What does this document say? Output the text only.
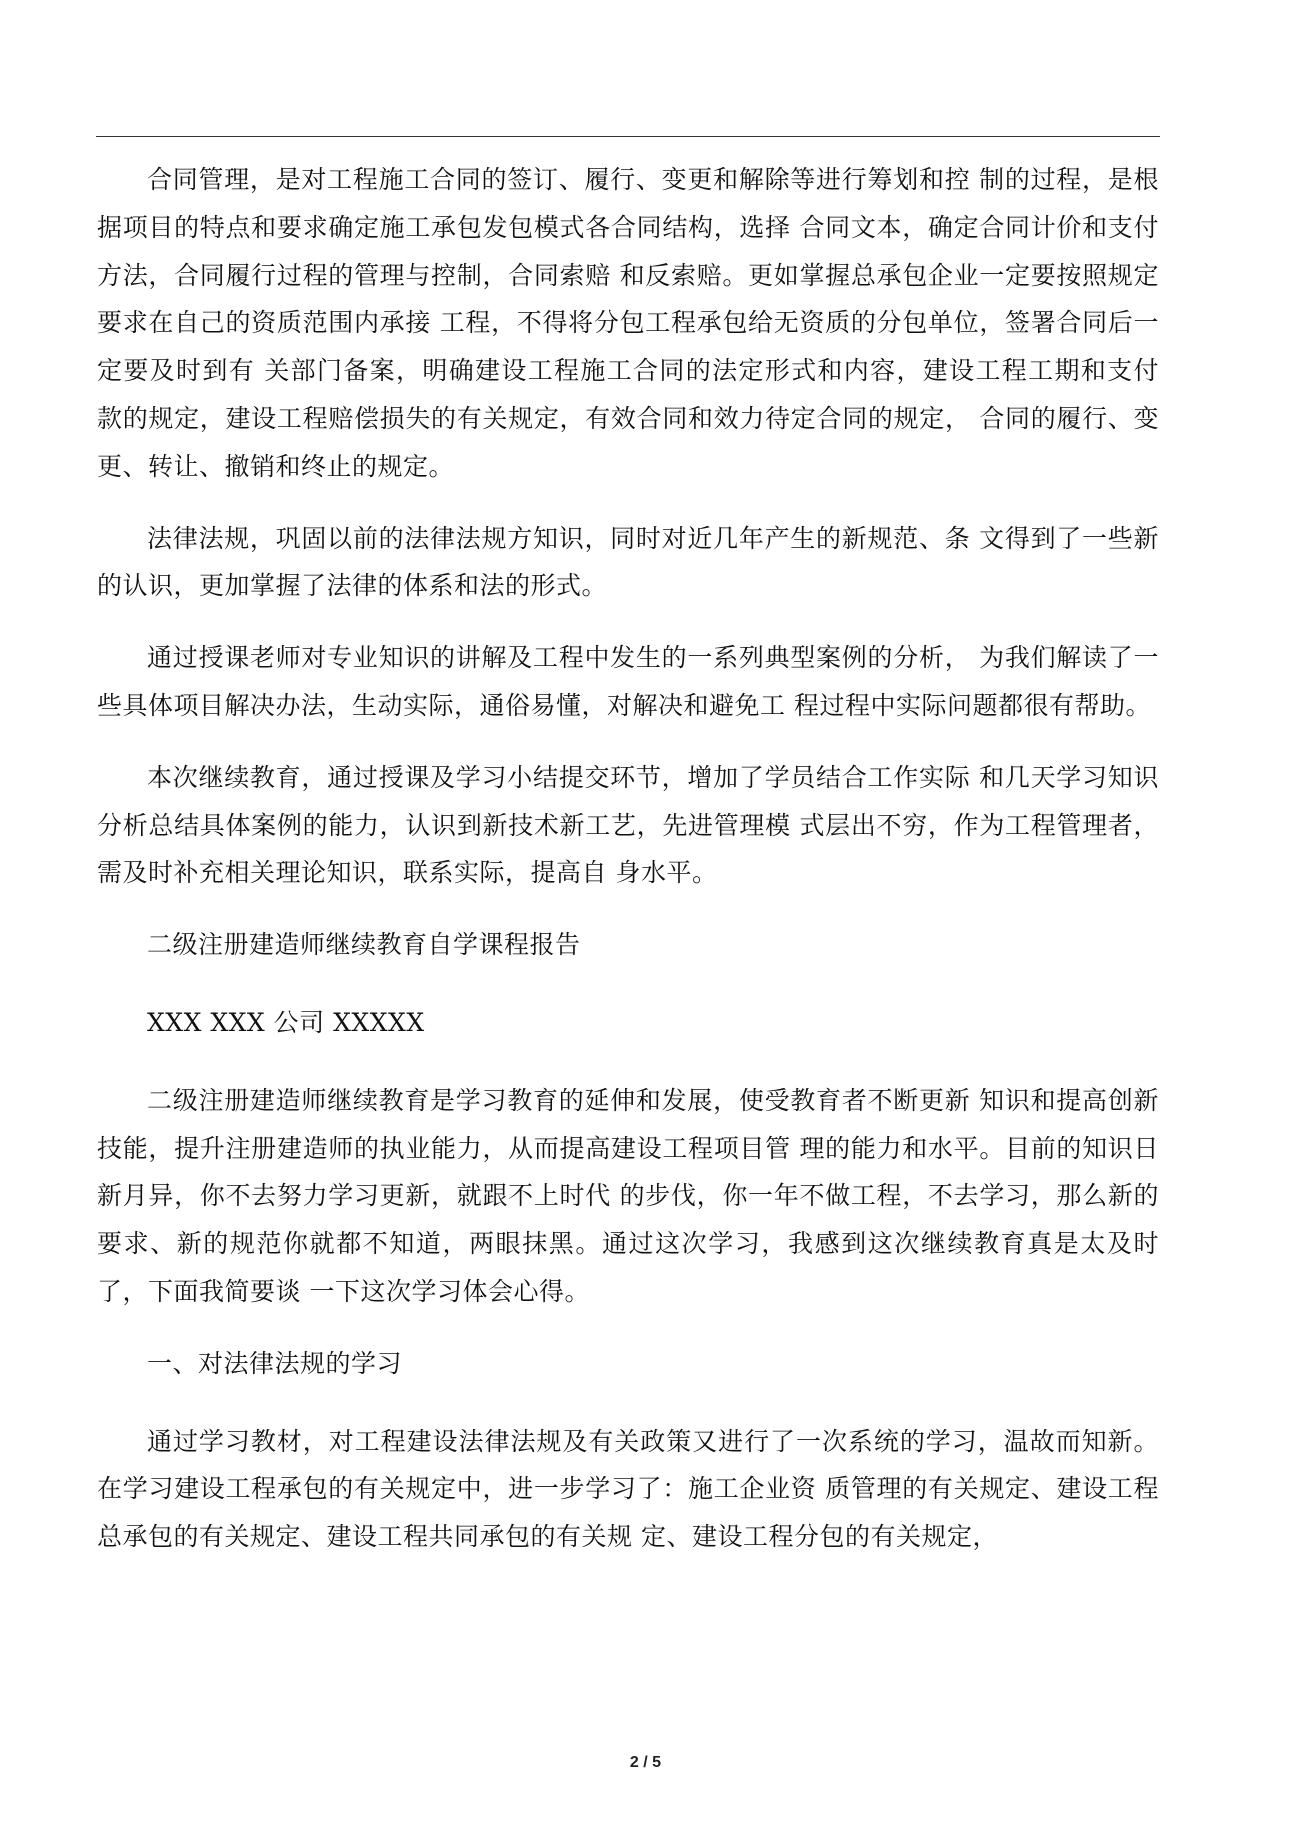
合同管理，是对工程施工合同的签订、履行、变更和解除等进行筹划和控 制的过程，是根据项目的特点和要求确定施工承包发包模式各合同结构，选择 合同文本，确定合同计价和支付方法，合同履行过程的管理与控制，合同索赔 和反索赔。更如掌握总承包企业一定要按照规定要求在自己的资质范围内承接 工程，不得将分包工程承包给无资质的分包单位，签署合同后一定要及时到有 关部门备案，明确建设工程施工合同的法定形式和内容，建设工程工期和支付 款的规定，建设工程赔偿损失的有关规定，有效合同和效力待定合同的规定， 合同的履行、变更、转让、撤销和终止的规定。

法律法规，巩固以前的法律法规方知识，同时对近几年产生的新规范、条 文得到了一些新的认识，更加掌握了法律的体系和法的形式。

通过授课老师对专业知识的讲解及工程中发生的一系列典型案例的分析， 为我们解读了一些具体项目解决办法，生动实际，通俗易懂，对解决和避免工 程过程中实际问题都很有帮助。

本次继续教育，通过授课及学习小结提交环节，增加了学员结合工作实际 和几天学习知识分析总结具体案例的能力，认识到新技术新工艺，先进管理模 式层出不穷，作为工程管理者，需及时补充相关理论知识，联系实际，提高自 身水平。

二级注册建造师继续教育自学课程报告

XXX XXX 公司 XXXXX

二级注册建造师继续教育是学习教育的延伸和发展，使受教育者不断更新 知识和提高创新技能，提升注册建造师的执业能力，从而提高建设工程项目管 理的能力和水平。目前的知识日新月异，你不去努力学习更新，就跟不上时代 的步伐，你一年不做工程，不去学习，那么新的要求、新的规范你就都不知道，两眼抹黑。通过这次学习，我感到这次继续教育真是太及时了，下面我简要谈 一下这次学习体会心得。

一、对法律法规的学习

通过学习教材，对工程建设法律法规及有关政策又进行了一次系统的学习，温故而知新。在学习建设工程承包的有关规定中，进一步学习了：施工企业资 质管理的有关规定、建设工程总承包的有关规定、建设工程共同承包的有关规 定、建设工程分包的有关规定，

2 / 5
